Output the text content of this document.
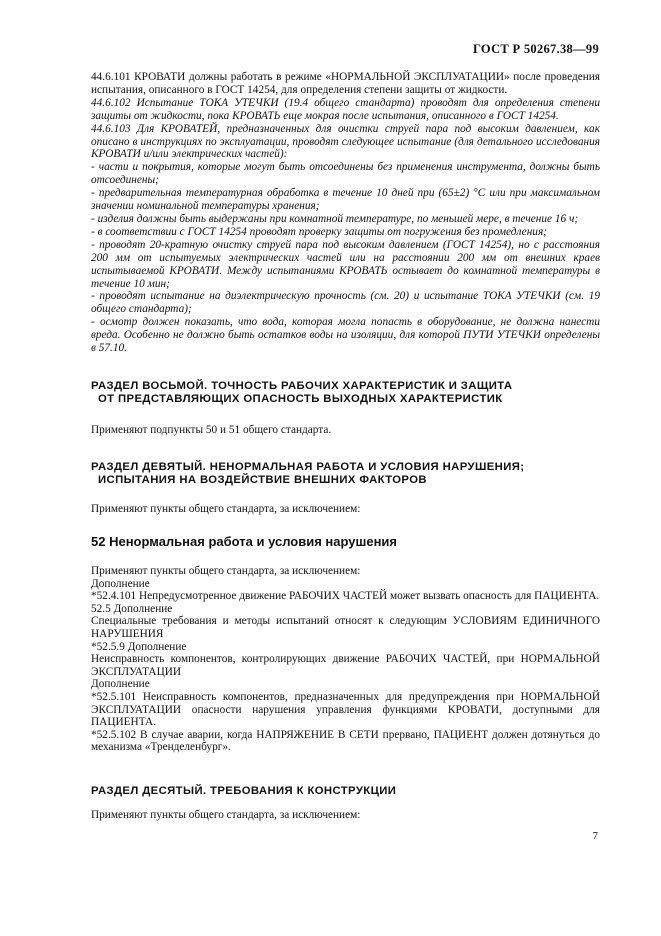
ГОСТ Р 50267.38—99

44.6.101 КРОВАТИ должны работать в режиме «НОРМАЛЬНОЙ ЭКСПЛУАТАЦИИ» после проведения испытания, описанного в ГОСТ 14254, для определения степени защиты от жидкости.

44.6.102 Испытание ТОКА УТЕЧКИ (19.4 общего стандарта) проводят для определения степени защиты от жидкости, пока КРОВАТЬ еще мокрая после испытания, описанного в ГОСТ 14254.

44.6.103 Для КРОВАТЕЙ, предназначенных для очистки струей пара под высоким давлением, как описано в инструкциях по эксплуатации, проводят следующее испытание (для детального исследования КРОВАТИ и/или электрических частей):

- части и покрытия, которые могут быть отсоединены без применения инструмента, должны быть отсоединены;

- предварительная температурная обработка в течение 10 дней при (65±2) °С или при максимальном значении номинальной температуры хранения;

- изделия должны быть выдержаны при комнатной температуре, по меньшей мере, в течение 16 ч;

- в соответствии с ГОСТ 14254 проводят проверку защиты от погружения без промедления;

- проводят 20-кратную очистку струей пара под высоким давлением (ГОСТ 14254), но с расстояния 200 мм от испытуемых электрических частей или на расстоянии 200 мм от внешних краев испытываемой КРОВАТИ. Между испытаниями КРОВАТЬ остывает до комнатной температуры в течение 10 мин;

- проводят испытание на диэлектрическую прочность (см. 20) и испытание ТОКА УТЕЧКИ (см. 19 общего стандарта);

- осмотр должен показать, что вода, которая могла попасть в оборудование, не должна нанести вреда. Особенно не должно быть остатков воды на изоляции, для которой ПУТИ УТЕЧКИ определены в 57.10.

РАЗДЕЛ ВОСЬМОЙ. ТОЧНОСТЬ РАБОЧИХ ХАРАКТЕРИСТИК И ЗАЩИТА
ОТ ПРЕДСТАВЛЯЮЩИХ ОПАСНОСТЬ ВЫХОДНЫХ ХАРАКТЕРИСТИК
Применяют подпункты 50 и 51 общего стандарта.
РАЗДЕЛ ДЕВЯТЫЙ. НЕНОРМАЛЬНАЯ РАБОТА И УСЛОВИЯ НАРУШЕНИЯ;
ИСПЫТАНИЯ НА ВОЗДЕЙСТВИЕ ВНЕШНИХ ФАКТОРОВ
Применяют пункты общего стандарта, за исключением:
52 Ненормальная работа и условия нарушения

Применяют пункты общего стандарта, за исключением:

Дополнение

*52.4.101 Непредусмотренное движение РАБОЧИХ ЧАСТЕЙ может вызвать опасность для ПАЦИЕНТА.

52.5 Дополнение

Специальные требования и методы испытаний относят к следующим УСЛОВИЯМ ЕДИНИЧНОГО НАРУШЕНИЯ

*52.5.9 Дополнение

Неисправность компонентов, контролирующих движение РАБОЧИХ ЧАСТЕЙ, при НОРМАЛЬНОЙ ЭКСПЛУАТАЦИИ

Дополнение

*52.5.101 Неисправность компонентов, предназначенных для предупреждения при НОРМАЛЬНОЙ ЭКСПЛУАТАЦИИ опасности нарушения управления функциями КРОВАТИ, доступными для ПАЦИЕНТА.

*52.5.102 В случае аварии, когда НАПРЯЖЕНИЕ В СЕТИ прервано, ПАЦИЕНТ должен дотянуться до механизма «Тренделенбург».

РАЗДЕЛ ДЕСЯТЫЙ. ТРЕБОВАНИЯ К КОНСТРУКЦИИ
Применяют пункты общего стандарта, за исключением:
7
